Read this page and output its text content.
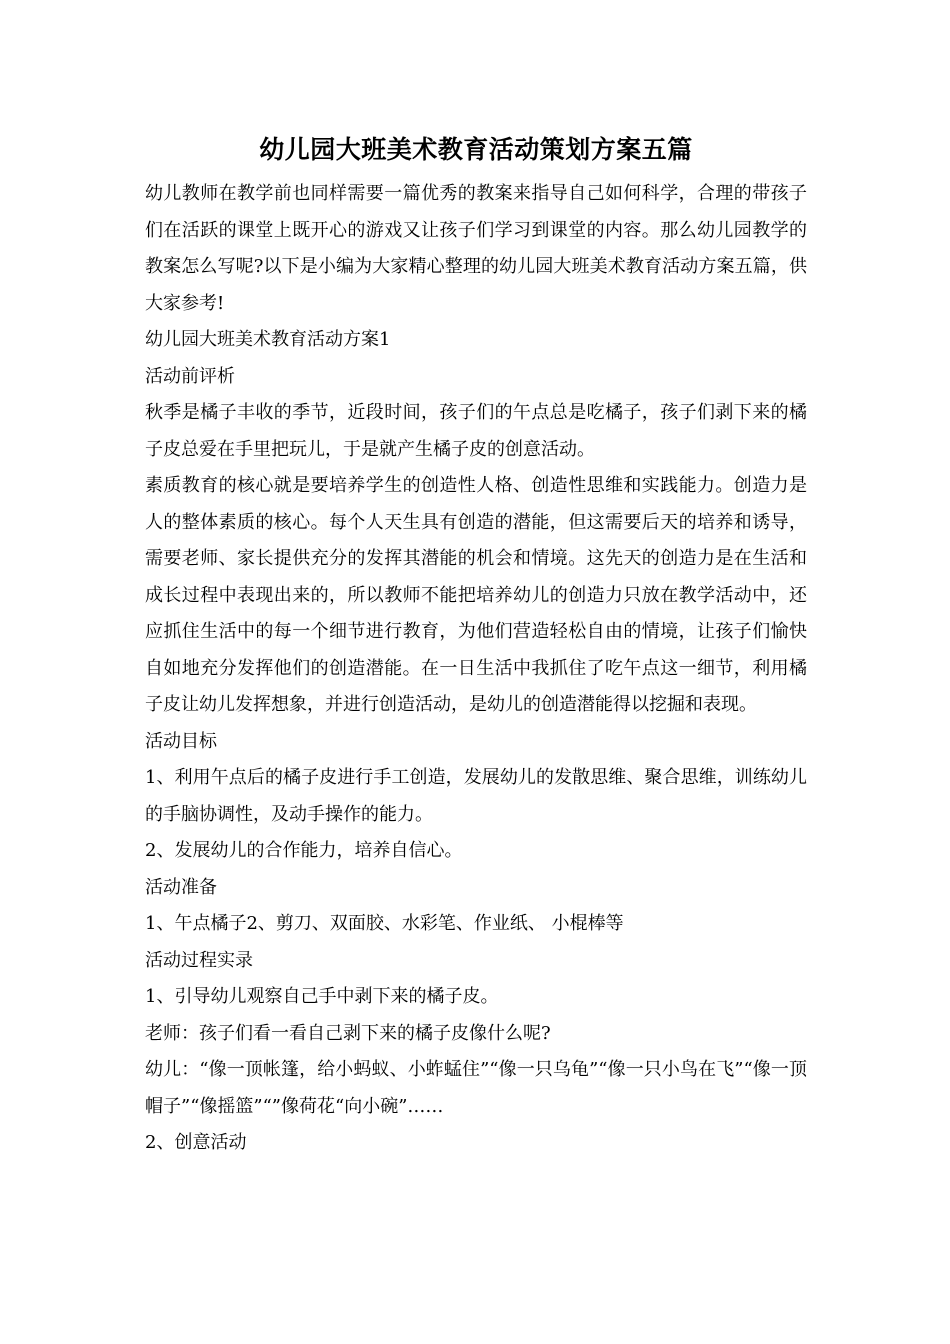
幼儿园大班美术教育活动策划方案五篇

幼儿教师在教学前也同样需要一篇优秀的教案来指导自己如何科学，合理的带孩子们在活跃的课堂上既开心的游戏又让孩子们学习到课堂的内容。那么幼儿园教学的教案怎么写呢?以下是小编为大家精心整理的幼儿园大班美术教育活动方案五篇，供大家参考!

幼儿园大班美术教育活动方案1

活动前评析

秋季是橘子丰收的季节，近段时间，孩子们的午点总是吃橘子，孩子们剥下来的橘子皮总爱在手里把玩儿，于是就产生橘子皮的创意活动。

素质教育的核心就是要培养学生的创造性人格、创造性思维和实践能力。创造力是人的整体素质的核心。每个人天生具有创造的潜能，但这需要后天的培养和诱导，需要老师、家长提供充分的发挥其潜能的机会和情境。这先天的创造力是在生活和成长过程中表现出来的，所以教师不能把培养幼儿的创造力只放在教学活动中，还应抓住生活中的每一个细节进行教育，为他们营造轻松自由的情境，让孩子们愉快自如地充分发挥他们的创造潜能。在一日生活中我抓住了吃午点这一细节，利用橘子皮让幼儿发挥想象，并进行创造活动，是幼儿的创造潜能得以挖掘和表现。

活动目标

1、利用午点后的橘子皮进行手工创造，发展幼儿的发散思维、聚合思维，训练幼儿的手脑协调性，及动手操作的能力。

2、发展幼儿的合作能力，培养自信心。

活动准备

1、午点橘子2、剪刀、双面胶、水彩笔、作业纸、 小棍棒等

活动过程实录

1、引导幼儿观察自己手中剥下来的橘子皮。

老师：孩子们看一看自己剥下来的橘子皮像什么呢?

幼儿：“像一顶帐篷，给小蚂蚁、小蚱蜢住”“像一只乌龟”“像一只小鸟在飞”“像一顶帽子”“像摇篮”“”像荷花“向小碗”……

2、创意活动
